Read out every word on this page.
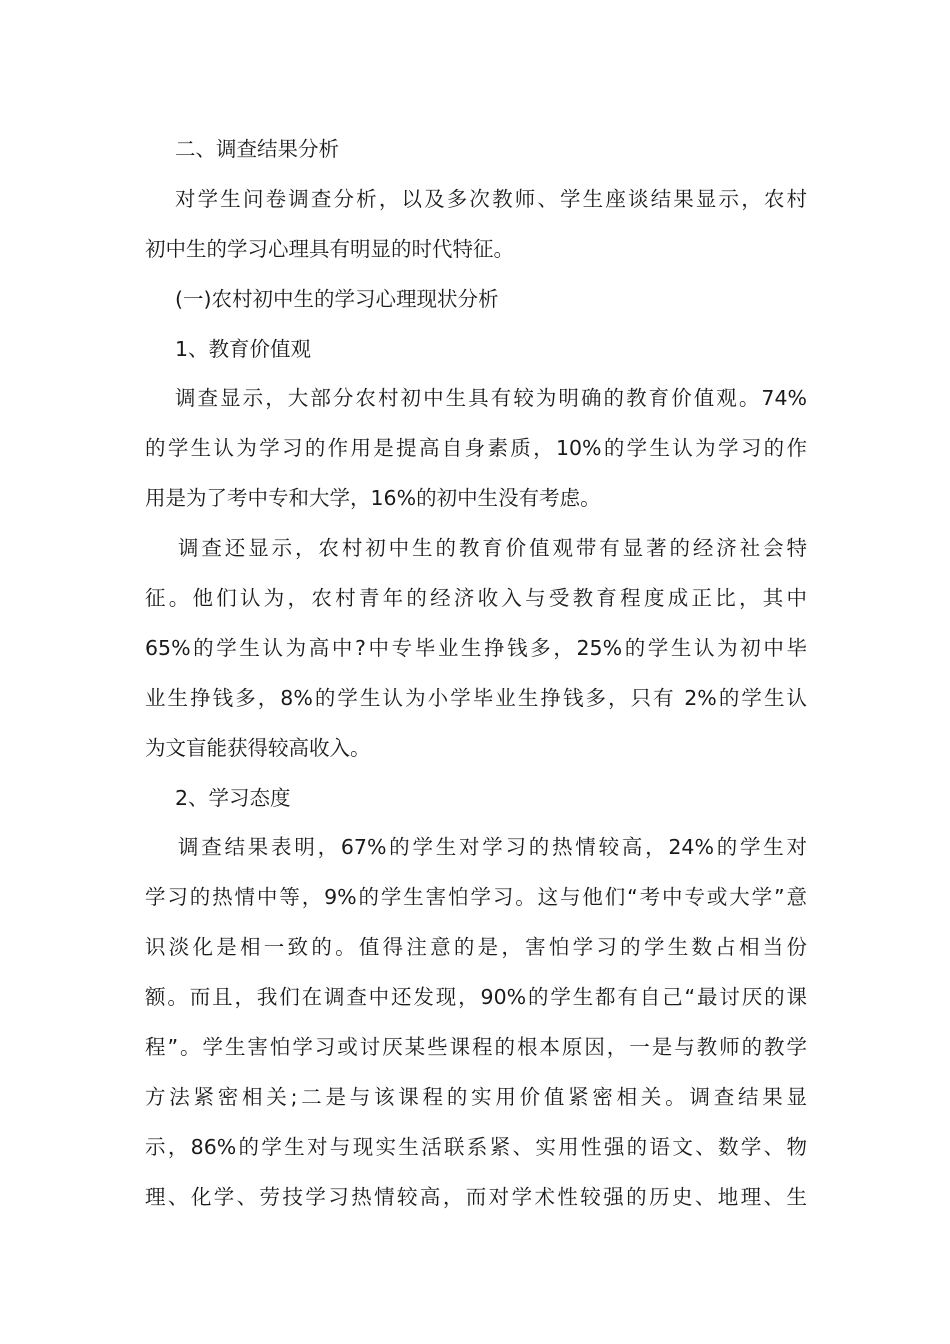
二、调查结果分析
对学生问卷调查分析，以及多次教师、学生座谈结果显示，农村
初中生的学习心理具有明显的时代特征。
(一)农村初中生的学习心理现状分析
1、教育价值观
调查显示，大部分农村初中生具有较为明确的教育价值观。74%
的学生认为学习的作用是提高自身素质，10%的学生认为学习的作
用是为了考中专和大学，16%的初中生没有考虑。
调查还显示，农村初中生的教育价值观带有显著的经济社会特
征。他们认为，农村青年的经济收入与受教育程度成正比，其中
65%的学生认为高中?中专毕业生挣钱多，25%的学生认为初中毕
业生挣钱多，8%的学生认为小学毕业生挣钱多，只有 2%的学生认
为文盲能获得较高收入。
2、学习态度
调查结果表明，67%的学生对学习的热情较高，24%的学生对
学习的热情中等，9%的学生害怕学习。这与他们“考中专或大学”意
识淡化是相一致的。值得注意的是，害怕学习的学生数占相当份
额。而且，我们在调查中还发现，90%的学生都有自己“最讨厌的课
程”。学生害怕学习或讨厌某些课程的根本原因，一是与教师的教学
方法紧密相关;二是与该课程的实用价值紧密相关。调查结果显
示，86%的学生对与现实生活联系紧、实用性强的语文、数学、物
理、化学、劳技学习热情较高，而对学术性较强的历史、地理、生
